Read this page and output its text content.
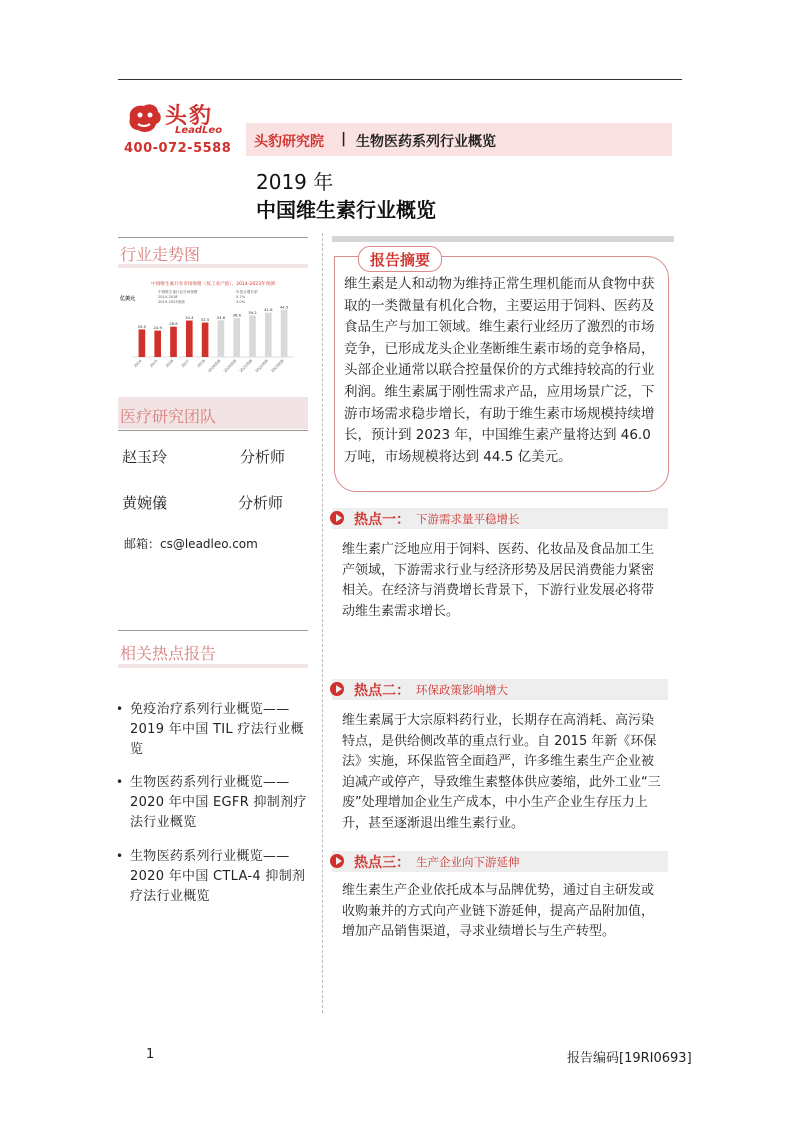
头豹
LeadLeo
400-072-5588 头豹研究院 | 生物医药系列行业概览
2019 年
中国维生素行业概览
行业走势图
中国维生素行业市场规模（按工业产值），2014-2023年预测
亿美元
中国维生素行业市场规模	年复合增长率
2014-2018	5.7%
2019-2023预测	3.0%
26.0
2014
24.9
2015
28.6
2016
34.4
2017
32.5
2018
34.6
2019预测
36.6
2020预测
39.2
2021预测
41.8
2022预测
44.5
2023预测
医疗研究团队
赵玉玲	分析师
黄婉儀	分析师
邮箱：cs@leadleo.com
相关热点报告
• 免疫治疗系列行业概览——2019 年中国 TIL 疗法行业概览
• 生物医药系列行业概览——2020 年中国 EGFR 抑制剂疗法行业概览
• 生物医药系列行业概览——2020 年中国 CTLA-4 抑制剂疗法行业概览
报告摘要
维生素是人和动物为维持正常生理机能而从食物中获取的一类微量有机化合物，主要运用于饲料、医药及食品生产与加工领域。维生素行业经历了激烈的市场竞争，已形成龙头企业垄断维生素市场的竞争格局，头部企业通常以联合控量保价的方式维持较高的行业利润。维生素属于刚性需求产品，应用场景广泛，下游市场需求稳步增长，有助于维生素市场规模持续增长，预计到 2023 年，中国维生素产量将达到 46.0 万吨，市场规模将达到 44.5 亿美元。
热点一： 下游需求量平稳增长
维生素广泛地应用于饲料、医药、化妆品及食品加工生产领域，下游需求行业与经济形势及居民消费能力紧密相关。在经济与消费增长背景下，下游行业发展必将带动维生素需求增长。
热点二： 环保政策影响增大
维生素属于大宗原料药行业，长期存在高消耗、高污染特点，是供给侧改革的重点行业。自 2015 年新《环保法》实施，环保监管全面趋严，许多维生素生产企业被迫减产或停产，导致维生素整体供应萎缩，此外工业“三废”处理增加企业生产成本，中小生产企业生存压力上升，甚至逐渐退出维生素行业。
热点三： 生产企业向下游延伸
维生素生产企业依托成本与品牌优势，通过自主研发或收购兼并的方式向产业链下游延伸，提高产品附加值，增加产品销售渠道，寻求业绩增长与生产转型。
1	报告编码[19RI0693]
